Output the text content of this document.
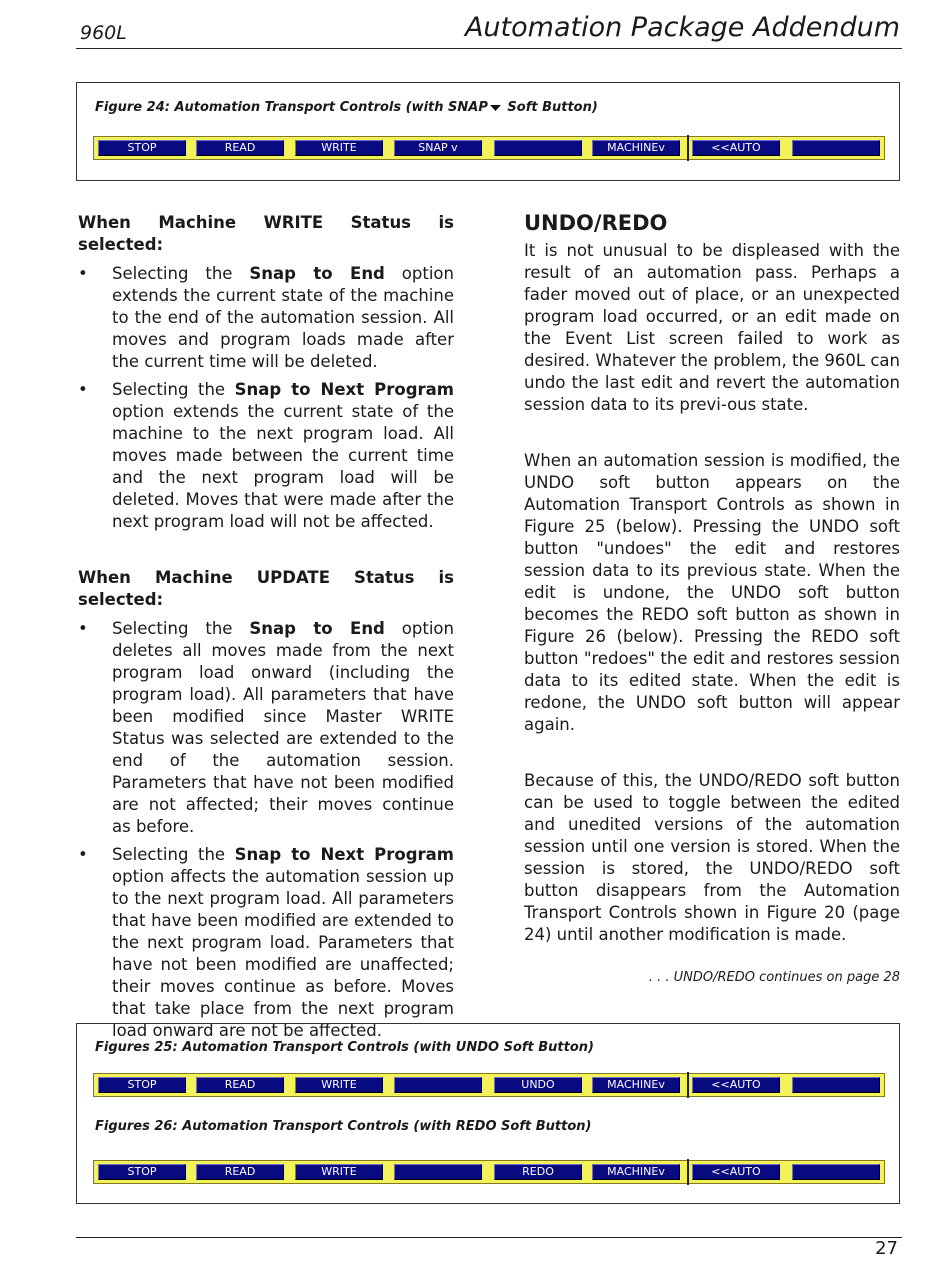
960L	Automation Package Addendum
Figure 24: Automation Transport Controls (with SNAP Soft Button)
STOP	READ	WRITE	SNAP v	MACHINEv	<<AUTO

When Machine WRITE Status is selected:

• Selecting the Snap to End option extends the current state of the machine to the end of the automation session. All moves and program loads made after the current time will be deleted.
• Selecting the Snap to Next Program option extends the current state of the machine to the next program load. All moves made between the current time and the next program load will be deleted. Moves that were made after the next program load will not be affected.

When Machine UPDATE Status is selected:

• Selecting the Snap to End option deletes all moves made from the next program load onward (including the program load). All parameters that have been modified since Master WRITE Status was selected are extended to the end of the automation session. Parameters that have not been modified are not affected; their moves continue as before.
• Selecting the Snap to Next Program option affects the automation session up to the next program load. All parameters that have been modified are extended to the next program load. Parameters that have not been modified are unaffected; their moves continue as before. Moves that take place from the next program load onward are not be affected.

UNDO/REDO

It is not unusual to be displeased with the result of an automation pass. Perhaps a fader moved out of place, or an unexpected program load occurred, or an edit made on the Event List screen failed to work as desired. Whatever the problem, the 960L can undo the last edit and revert the automation session data to its previ-ous state.

When an automation session is modified, the UNDO soft button appears on the Automation Transport Controls as shown in Figure 25 (below). Pressing the UNDO soft button "undoes" the edit and restores session data to its previous state. When the edit is undone, the UNDO soft button becomes the REDO soft button as shown in Figure 26 (below). Pressing the REDO soft button "redoes" the edit and restores session data to its edited state. When the edit is redone, the UNDO soft button will appear again.

Because of this, the UNDO/REDO soft button can be used to toggle between the edited and unedited versions of the automation session until one version is stored. When the session is stored, the UNDO/REDO soft button disappears from the Automation Transport Controls shown in Figure 20 (page 24) until another modification is made.

. . . UNDO/REDO continues on page 28
Figures 25: Automation Transport Controls (with UNDO Soft Button)
STOP	READ	WRITE	UNDO	MACHINEv	<<AUTO
Figures 26: Automation Transport Controls (with REDO Soft Button)
STOP	READ	WRITE	REDO	MACHINEv	<<AUTO
27
